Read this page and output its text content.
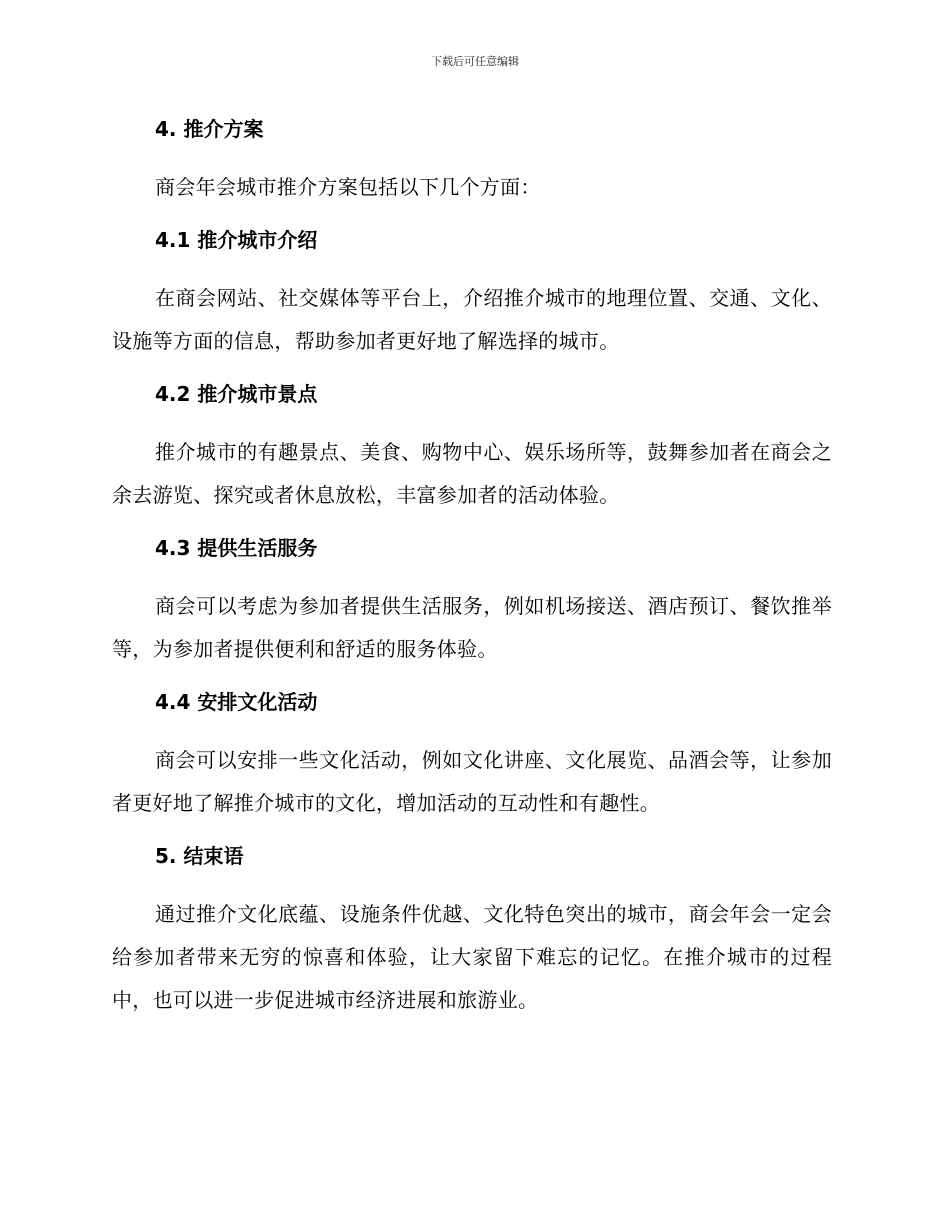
下载后可任意编辑
4. 推介方案

商会年会城市推介方案包括以下几个方面：

4.1 推介城市介绍

在商会网站、社交媒体等平台上，介绍推介城市的地理位置、交通、文化、设施等方面的信息，帮助参加者更好地了解选择的城市。

4.2 推介城市景点

推介城市的有趣景点、美食、购物中心、娱乐场所等，鼓舞参加者在商会之余去游览、探究或者休息放松，丰富参加者的活动体验。

4.3 提供生活服务

商会可以考虑为参加者提供生活服务，例如机场接送、酒店预订、餐饮推举等，为参加者提供便利和舒适的服务体验。

4.4 安排文化活动

商会可以安排一些文化活动，例如文化讲座、文化展览、品酒会等，让参加者更好地了解推介城市的文化，增加活动的互动性和有趣性。

5. 结束语

通过推介文化底蕴、设施条件优越、文化特色突出的城市，商会年会一定会给参加者带来无穷的惊喜和体验，让大家留下难忘的记忆。在推介城市的过程中，也可以进一步促进城市经济进展和旅游业。
